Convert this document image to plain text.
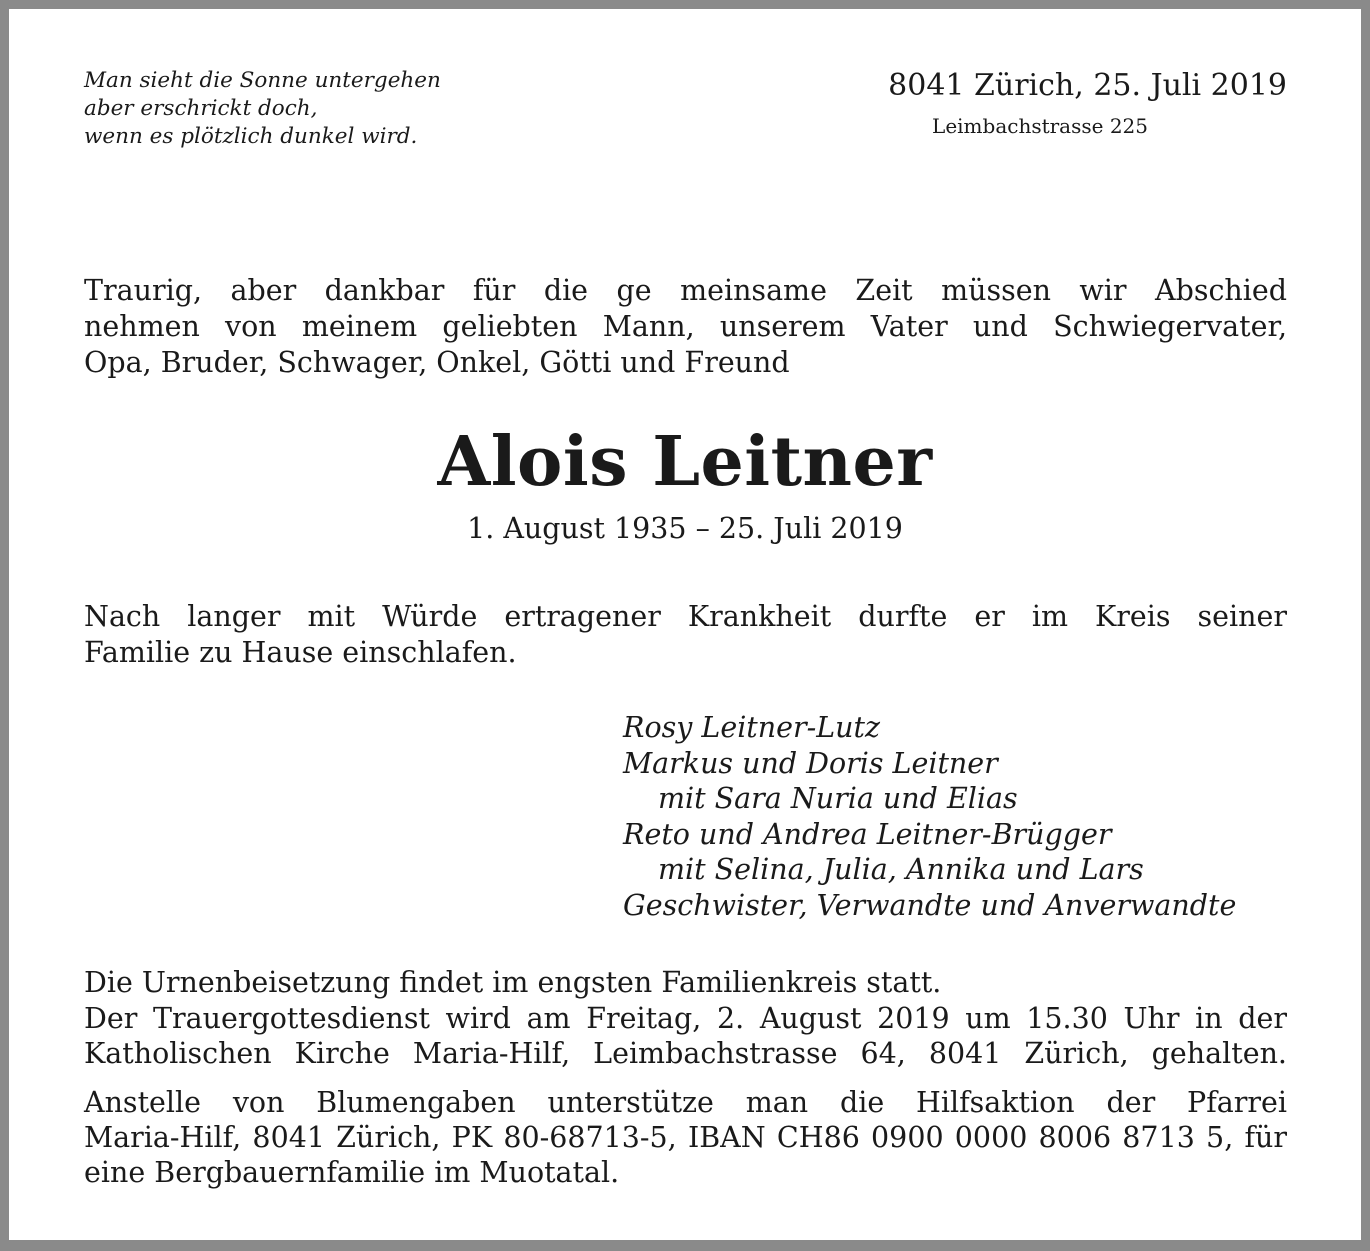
Man sieht die Sonne untergehen
aber erschrickt doch,
wenn es plötzlich dunkel wird.
8041 Zürich, 25. Juli 2019
Leimbachstrasse 225
Traurig, aber dankbar für die ge meinsame Zeit müssen wir Abschied
nehmen von meinem geliebten Mann, unserem Vater und Schwiegervater,
Opa, Bruder, Schwager, Onkel, Götti und Freund
Alois Leitner
1. August 1935 – 25. Juli 2019
Nach langer mit Würde ertragener Krankheit durfte er im Kreis seiner
Familie zu Hause einschlafen.
Rosy Leitner-Lutz
Markus und Doris Leitner
mit Sara Nuria und Elias
Reto und Andrea Leitner-Brügger
mit Selina, Julia, Annika und Lars
Geschwister, Verwandte und Anverwandte
Die Urnenbeisetzung findet im engsten Familienkreis statt.
Der Trauergottesdienst wird am Freitag, 2. August 2019 um 15.30 Uhr in der
Katholischen Kirche Maria-Hilf, Leimbachstrasse 64, 8041 Zürich, gehalten.
Anstelle von Blumengaben unterstütze man die Hilfsaktion der Pfarrei
Maria-Hilf, 8041 Zürich, PK 80-68713-5, IBAN CH86 0900 0000 8006 8713 5, für
eine Bergbauernfamilie im Muotatal.
